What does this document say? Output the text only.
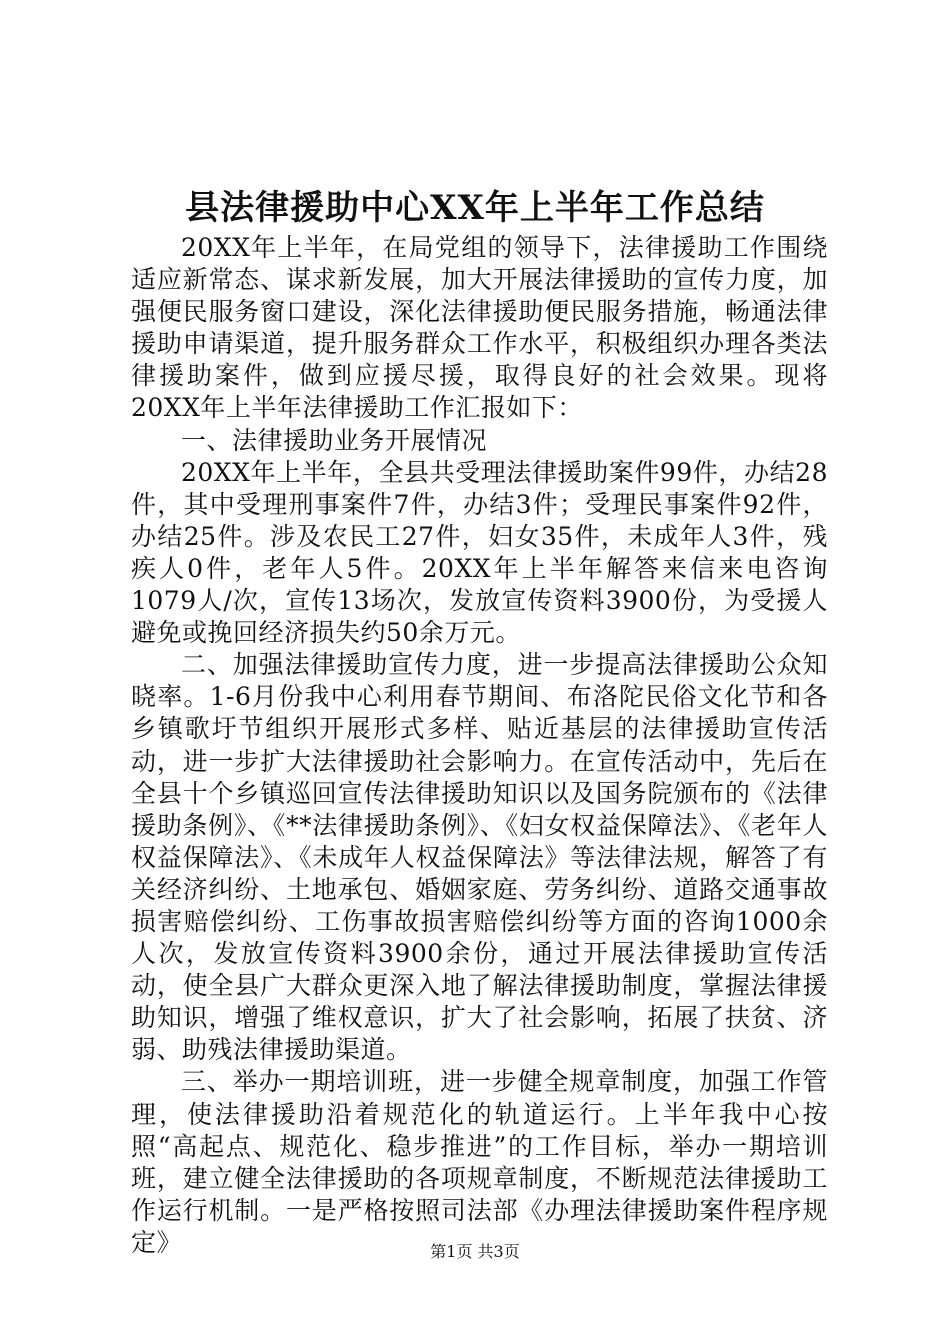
县法律援助中心XX年上半年工作总结

20XX年上半年，在局党组的领导下，法律援助工作围绕适应新常态、谋求新发展，加大开展法律援助的宣传力度，加强便民服务窗口建设，深化法律援助便民服务措施，畅通法律援助申请渠道，提升服务群众工作水平，积极组织办理各类法律援助案件，做到应援尽援，取得良好的社会效果。现将20XX年上半年法律援助工作汇报如下：

一、法律援助业务开展情况

20XX年上半年，全县共受理法律援助案件99件，办结28件，其中受理刑事案件7件，办结3件；受理民事案件92件，办结25件。涉及农民工27件，妇女35件，未成年人3件，残疾人0件，老年人5件。20XX年上半年解答来信来电咨询1079人/次，宣传13场次，发放宣传资料3900份，为受援人避免或挽回经济损失约50余万元。

二、加强法律援助宣传力度，进一步提高法律援助公众知晓率。1-6月份我中心利用春节期间、布洛陀民俗文化节和各乡镇歌圩节组织开展形式多样、贴近基层的法律援助宣传活动，进一步扩大法律援助社会影响力。在宣传活动中，先后在全县十个乡镇巡回宣传法律援助知识以及国务院颁布的《法律援助条例》、《**法律援助条例》、《妇女权益保障法》、《老年人权益保障法》、《未成年人权益保障法》等法律法规，解答了有关经济纠纷、土地承包、婚姻家庭、劳务纠纷、道路交通事故损害赔偿纠纷、工伤事故损害赔偿纠纷等方面的咨询1000余人次，发放宣传资料3900余份，通过开展法律援助宣传活动，使全县广大群众更深入地了解法律援助制度，掌握法律援助知识，增强了维权意识，扩大了社会影响，拓展了扶贫、济弱、助残法律援助渠道。

三、举办一期培训班，进一步健全规章制度，加强工作管理，使法律援助沿着规范化的轨道运行。上半年我中心按照“高起点、规范化、稳步推进”的工作目标，举办一期培训班，建立健全法律援助的各项规章制度，不断规范法律援助工作运行机制。一是严格按照司法部《办理法律援助案件程序规定》	第1页 共3页
